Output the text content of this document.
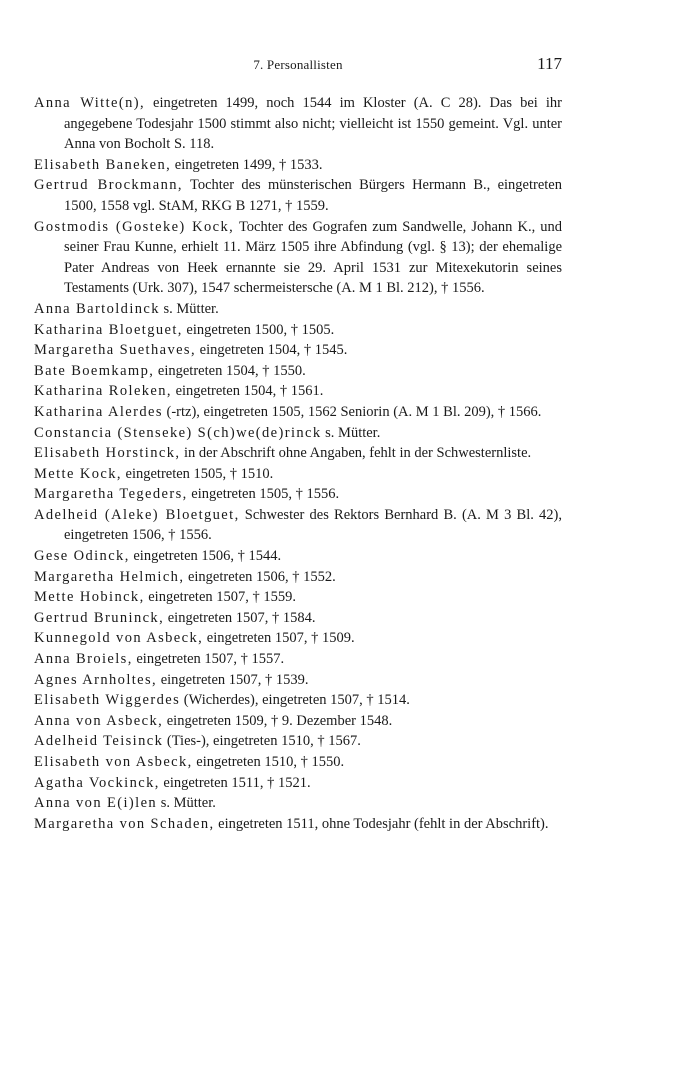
7. Personallisten	117

Anna Witte(n), eingetreten 1499, noch 1544 im Kloster (A. C 28). Das bei ihr angegebene Todesjahr 1500 stimmt also nicht; vielleicht ist 1550 gemeint. Vgl. unter Anna von Bocholt S. 118.

Elisabeth Baneken, eingetreten 1499, † 1533.

Gertrud Brockmann, Tochter des münsterischen Bürgers Hermann B., eingetreten 1500, 1558 vgl. StAM, RKG B 1271, † 1559.

Gostmodis (Gosteke) Kock, Tochter des Gografen zum Sandwelle, Johann K., und seiner Frau Kunne, erhielt 11. März 1505 ihre Abfindung (vgl. § 13); der ehemalige Pater Andreas von Heek ernannte sie 29. April 1531 zur Mitexekutorin seines Testaments (Urk. 307), 1547 schermeistersche (A. M 1 Bl. 212), † 1556.

Anna Bartoldinck s. Mütter.

Katharina Bloetguet, eingetreten 1500, † 1505.

Margaretha Suethaves, eingetreten 1504, † 1545.

Bate Boemkamp, eingetreten 1504, † 1550.

Katharina Roleken, eingetreten 1504, † 1561.

Katharina Alerdes (-rtz), eingetreten 1505, 1562 Seniorin (A. M 1 Bl. 209), † 1566.

Constancia (Stenseke) S(ch)we(de)rinck s. Mütter.

Elisabeth Horstinck, in der Abschrift ohne Angaben, fehlt in der Schwesternliste.

Mette Kock, eingetreten 1505, † 1510.

Margaretha Tegeders, eingetreten 1505, † 1556.

Adelheid (Aleke) Bloetguet, Schwester des Rektors Bernhard B. (A. M 3 Bl. 42), eingetreten 1506, † 1556.

Gese Odinck, eingetreten 1506, † 1544.

Margaretha Helmich, eingetreten 1506, † 1552.

Mette Hobinck, eingetreten 1507, † 1559.

Gertrud Bruninck, eingetreten 1507, † 1584.

Kunnegold von Asbeck, eingetreten 1507, † 1509.

Anna Broiels, eingetreten 1507, † 1557.

Agnes Arnholtes, eingetreten 1507, † 1539.

Elisabeth Wiggerdes (Wicherdes), eingetreten 1507, † 1514.

Anna von Asbeck, eingetreten 1509, † 9. Dezember 1548.

Adelheid Teisinck (Ties-), eingetreten 1510, † 1567.

Elisabeth von Asbeck, eingetreten 1510, † 1550.

Agatha Vockinck, eingetreten 1511, † 1521.

Anna von E(i)len s. Mütter.

Margaretha von Schaden, eingetreten 1511, ohne Todesjahr (fehlt in der Abschrift).
